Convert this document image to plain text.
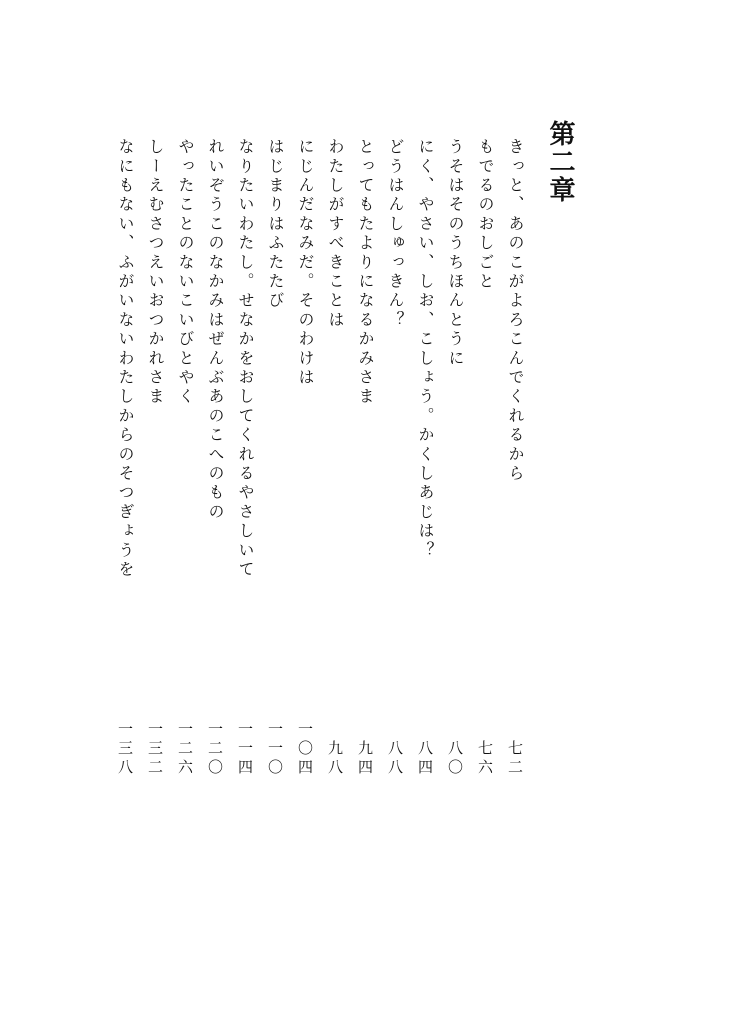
第二章
きっと、あのこがよろこんでくれるから
七二
もでるのおしごと
七六
うそはそのうちほんとうに
八〇
にく、やさい、しお、こしょう。かくしあじは？
八四
どうはんしゅっきん？
八八
とってもたよりになるかみさま
九四
わたしがすべきことは
九八
にじんだなみだ。そのわけは
一〇四
はじまりはふたたび
一一〇
なりたいわたし。せなかをおしてくれるやさしいて
一一四
れいぞうこのなかみはぜんぶあのこへのもの
一二〇
やったことのないこいびとやく
一二六
しーえむさつえいおつかれさま
一三二
なにもない、ふがいないわたしからのそつぎょうを
一三八
